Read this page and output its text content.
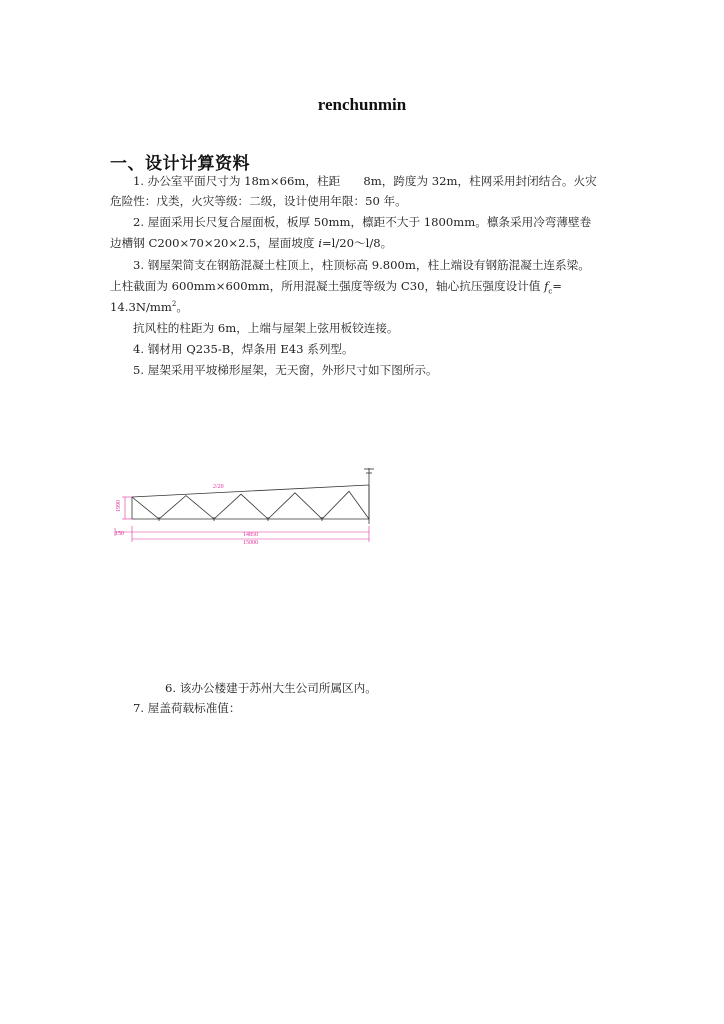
renchunmin
一、设计计算资料
1. 办公室平面尺寸为 18m×66m，柱距　　8m，跨度为 32m，柱网采用封闭结合。火灾
危险性：戊类，火灾等级：二级，设计使用年限：50 年。
2. 屋面采用长尺复合屋面板，板厚 50mm，檩距不大于 1800mm。檩条采用冷弯薄壁卷
边槽钢 C200×70×20×2.5，屋面坡度 i=l/20～l/8。
3. 钢屋架简支在钢筋混凝土柱顶上，柱顶标高 9.800m，柱上端设有钢筋混凝土连系梁。
上柱截面为 600mm×600mm，所用混凝土强度等级为 C30，轴心抗压强度设计值 $f_c=$
$14.3N/mm^2$。
抗风柱的柱距为 6m，上端与屋架上弦用板铰连接。
4. 钢材用 Q235-B，焊条用 E43 系列型。
5. 屋架采用平坡梯形屋架，无天窗，外形尺寸如下图所示。
2/20
1990
150	14850
15000
6. 该办公楼建于苏州大生公司所属区内。
7. 屋盖荷载标准值：
